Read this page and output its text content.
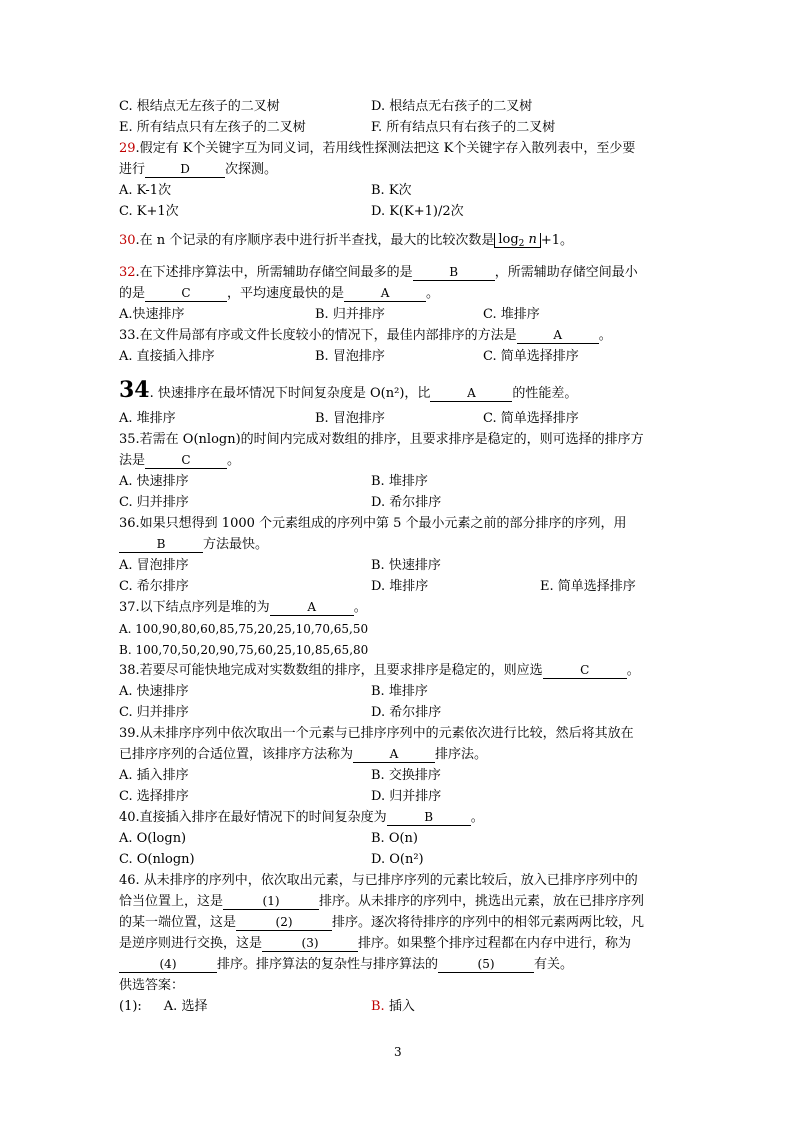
C. 根结点无左孩子的二叉树	D. 根结点无右孩子的二叉树
E. 所有结点只有左孩子的二叉树	F. 所有结点只有右孩子的二叉树
29.假定有 K个关键字互为同义词，若用线性探测法把这 K个关键字存入散列表中，至少要
进行	D	次探测。
A. K-1次	B. K次
C. K+1次	D. K(K+1)/2次
30.在 n 个记录的有序顺序表中进行折半查找，最大的比较次数是 $\log_2 n +1$。
32.在下述排序算法中，所需辅助存储空间最多的是	B	，所需辅助存储空间最小
的是	C	，平均速度最快的是	A	。
A.快速排序	B. 归并排序	C. 堆排序
33.在文件局部有序或文件长度较小的情况下，最佳内部排序的方法是	A	。
A. 直接插入排序	B. 冒泡排序	C. 简单选择排序
34. 快速排序在最坏情况下时间复杂度是 O(n²)，比	A	的性能差。
A. 堆排序	B. 冒泡排序	C. 简单选择排序
35.若需在 O(nlogn)的时间内完成对数组的排序，且要求排序是稳定的，则可选择的排序方
法是	C	。
A. 快速排序	B. 堆排序
C. 归并排序	D. 希尔排序
36.如果只想得到 1000 个元素组成的序列中第 5 个最小元素之前的部分排序的序列，用
B	方法最快。
A. 冒泡排序	B. 快速排序
C. 希尔排序	D. 堆排序	E. 简单选择排序
37.以下结点序列是堆的为	A	。
A. 100,90,80,60,85,75,20,25,10,70,65,50
B. 100,70,50,20,90,75,60,25,10,85,65,80
38.若要尽可能快地完成对实数数组的排序，且要求排序是稳定的，则应选	C	。
A. 快速排序	B. 堆排序
C. 归并排序	D. 希尔排序
39.从未排序序列中依次取出一个元素与已排序序列中的元素依次进行比较，然后将其放在
已排序序列的合适位置，该排序方法称为	A	排序法。
A. 插入排序	B. 交换排序
C. 选择排序	D. 归并排序
40.直接插入排序在最好情况下的时间复杂度为	B	。
A. O(logn)	B. O(n)
C. O(nlogn)	D. O(n²)
46. 从未排序的序列中，依次取出元素，与已排序序列的元素比较后，放入已排序序列中的
恰当位置上，这是	(1)	排序。从未排序的序列中，挑选出元素，放在已排序序列
的某一端位置，这是	(2)	排序。逐次将待排序的序列中的相邻元素两两比较，凡
是逆序则进行交换，这是	(3)	排序。如果整个排序过程都在内存中进行，称为
(4)	排序。排序算法的复杂性与排序算法的	(5)	有关。
供选答案：
(1): A. 选择	B. 插入
3
